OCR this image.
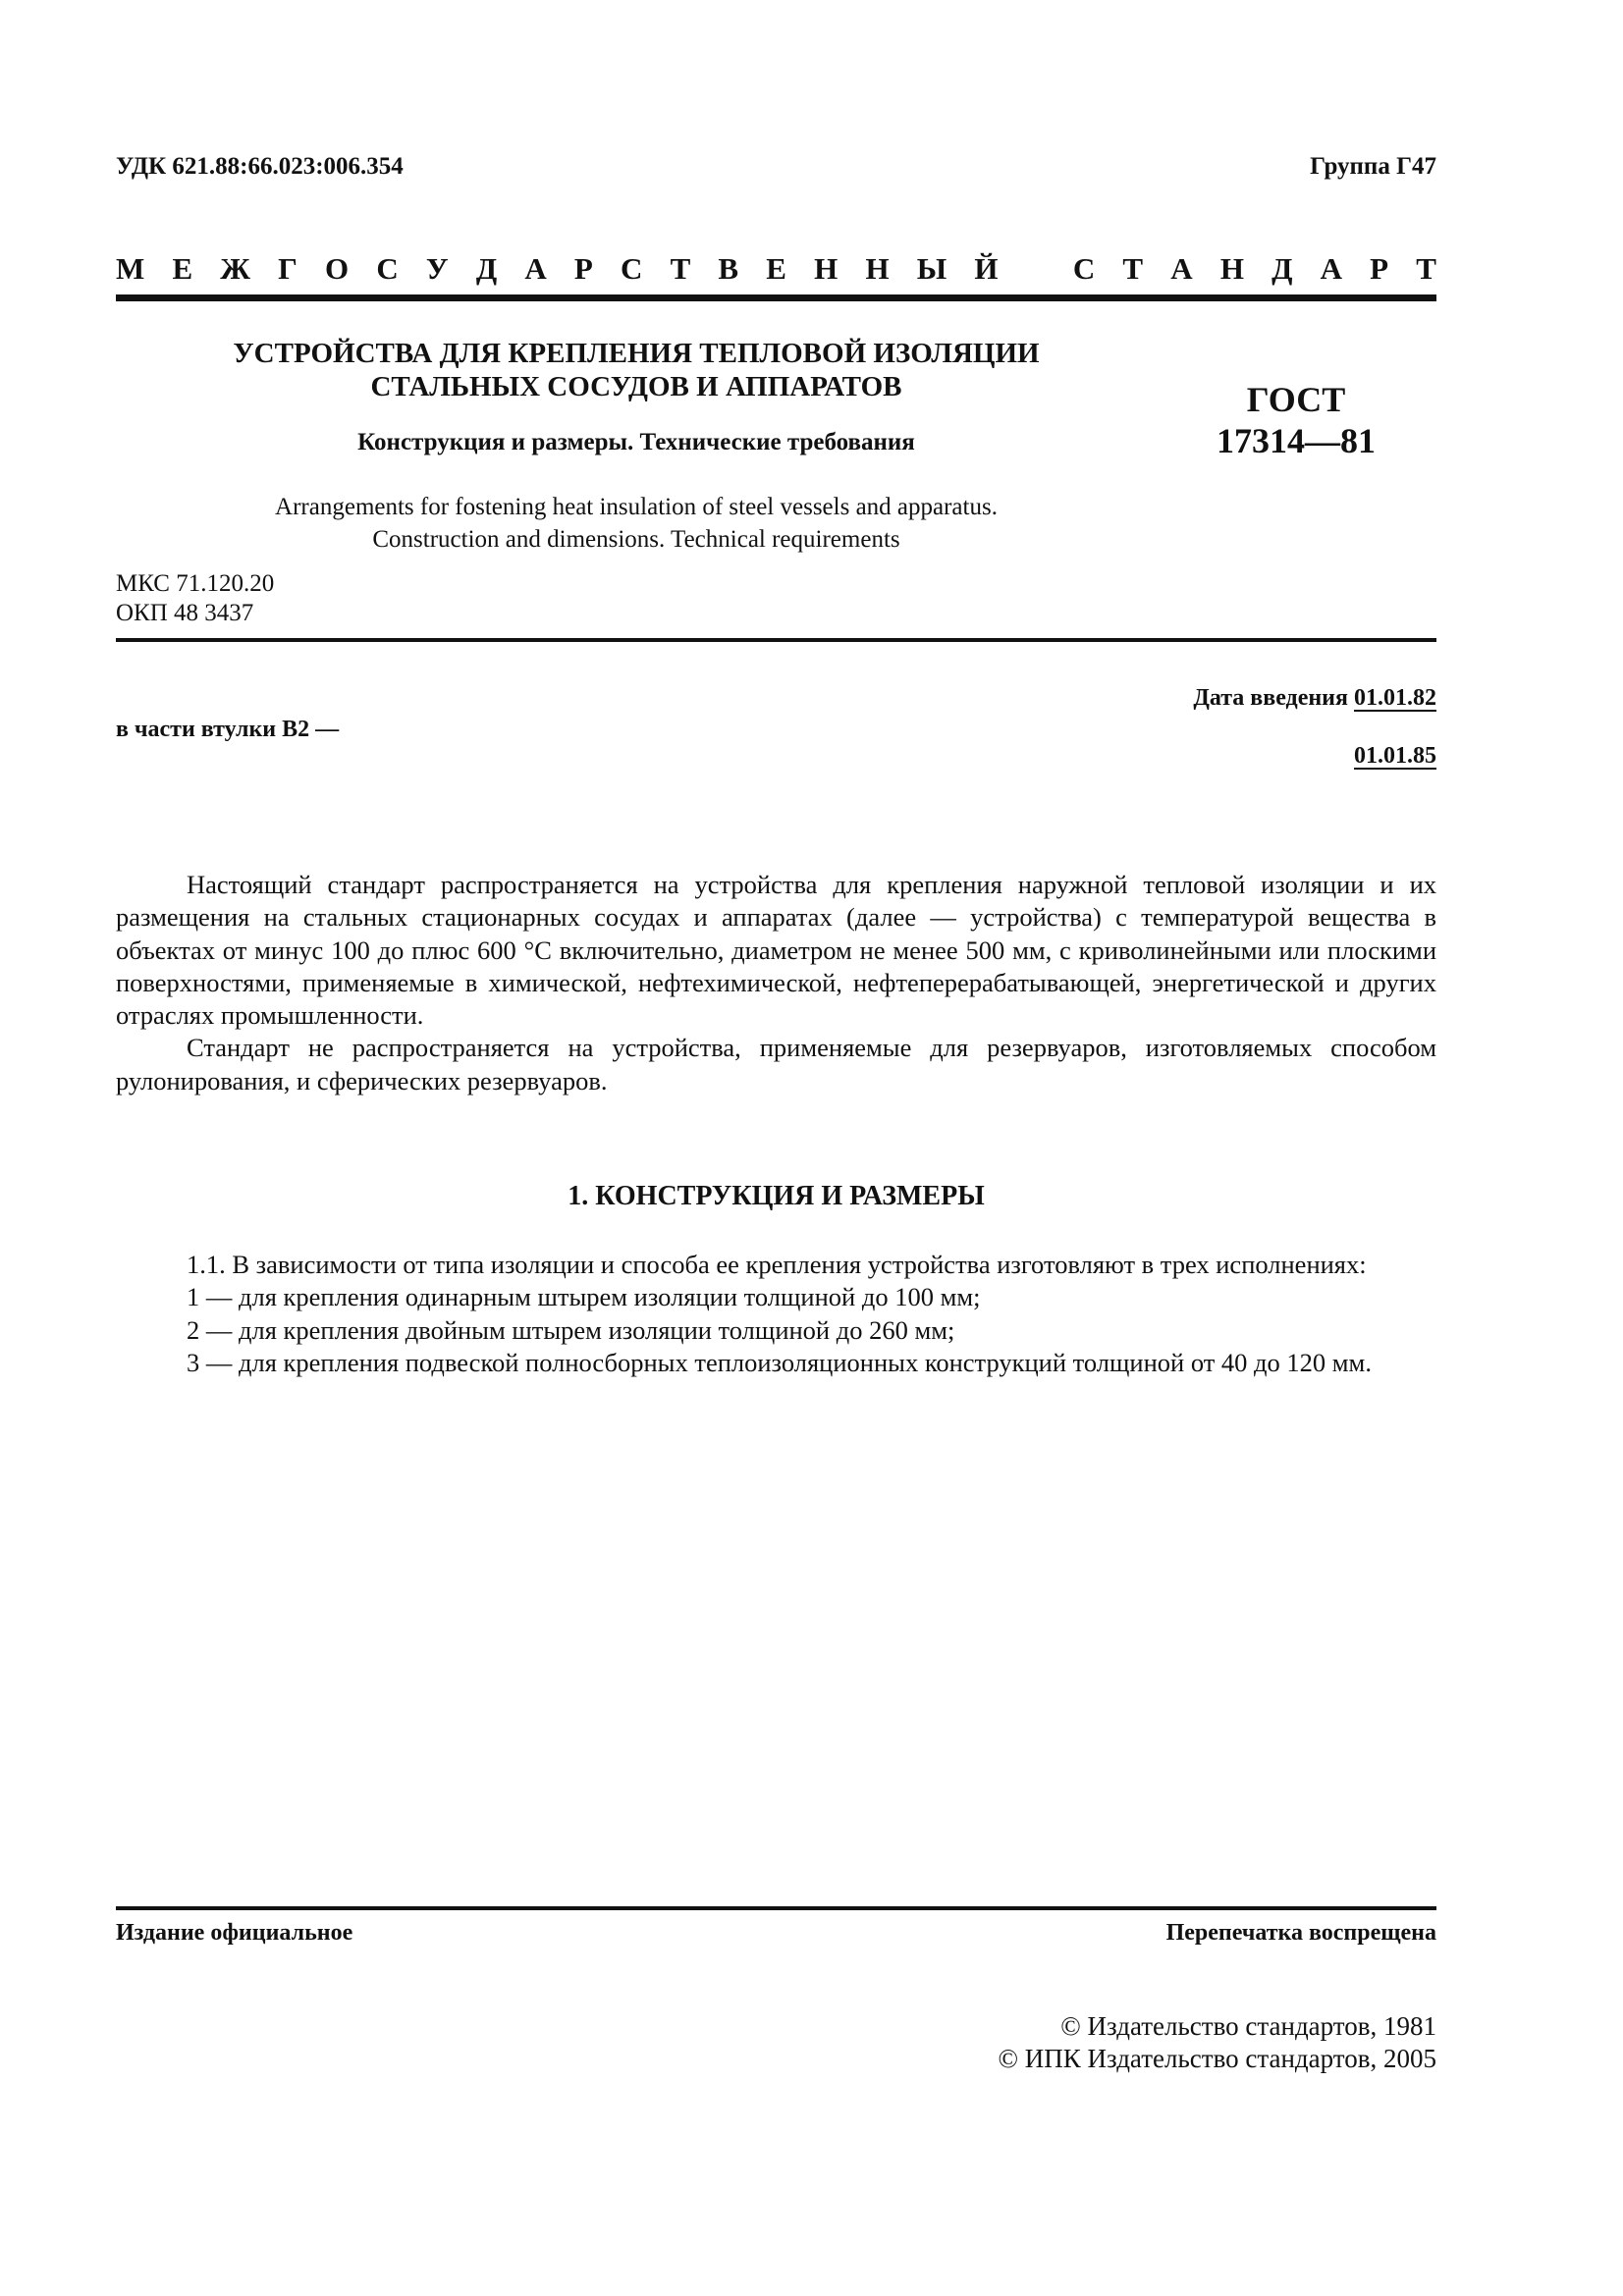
УДК 621.88:66.023:006.354	Группа Г47
М Е Ж Г О С У Д А Р С Т В Е Н Н Ы Й С Т А Н Д А Р Т
УСТРОЙСТВА ДЛЯ КРЕПЛЕНИЯ ТЕПЛОВОЙ ИЗОЛЯЦИИ
СТАЛЬНЫХ СОСУДОВ И АППАРАТОВ
Конструкция и размеры. Технические требования
Arrangements for fostening heat insulation of steel vessels and apparatus.
Construction and dimensions. Technical requirements
ГОСТ
17314—81
МКС 71.120.20
ОКП 48 3437
Дата введения 01.01.82
в части втулки В2 —
01.01.85

Настоящий стандарт распространяется на устройства для крепления наружной тепловой изоляции и их размещения на стальных стационарных сосудах и аппаратах (далее — устройства) с температурой вещества в объектах от минус 100 до плюс 600 °С включительно, диаметром не менее 500 мм, с криволинейными или плоскими поверхностями, применяемые в химической, нефтехимической, нефтеперерабатывающей, энергетической и других отраслях промышленности.

Стандарт не распространяется на устройства, применяемые для резервуаров, изготовляемых способом рулонирования, и сферических резервуаров.

1. КОНСТРУКЦИЯ И РАЗМЕРЫ

1.1. В зависимости от типа изоляции и способа ее крепления устройства изготовляют в трех исполнениях:

1 — для крепления одинарным штырем изоляции толщиной до 100 мм;

2 — для крепления двойным штырем изоляции толщиной до 260 мм;

3 — для крепления подвеской полносборных теплоизоляционных конструкций толщиной от 40 до 120 мм.

Издание официальное	Перепечатка воспрещена
© Издательство стандартов, 1981
© ИПК Издательство стандартов, 2005
